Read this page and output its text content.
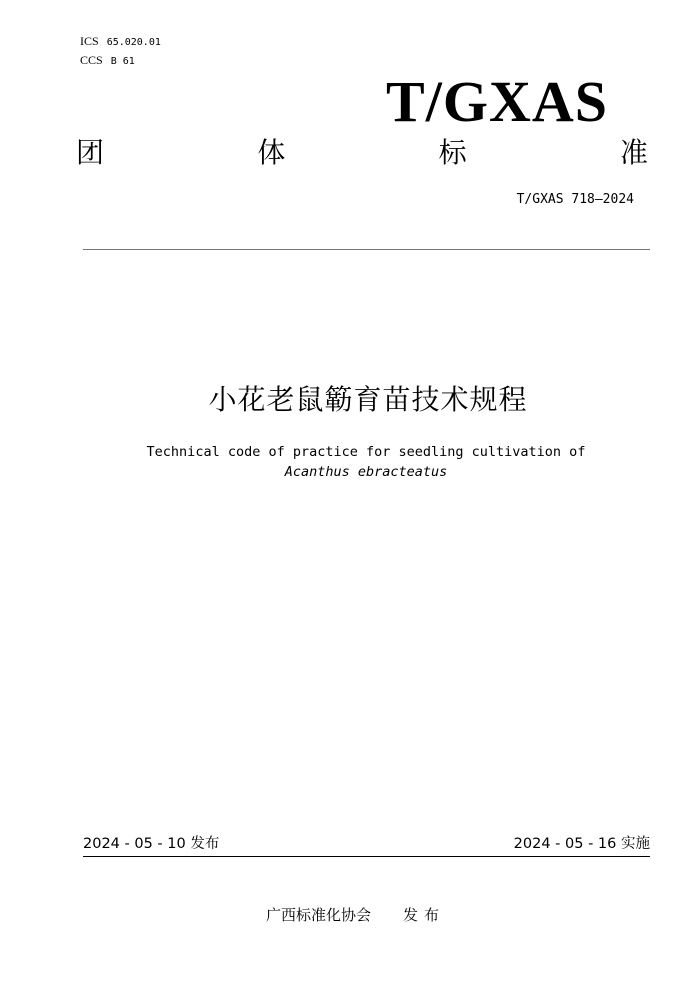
ICS 65.020.01
CCS B 61
T/GXAS
团	体	标	准
T/GXAS 718—2024
小花老鼠簕育苗技术规程
Technical code of practice for seedling cultivation of
Acanthus ebracteatus
2024 - 05 - 10 发布	2024 - 05 - 16 实施
广西标准化协会 发布
